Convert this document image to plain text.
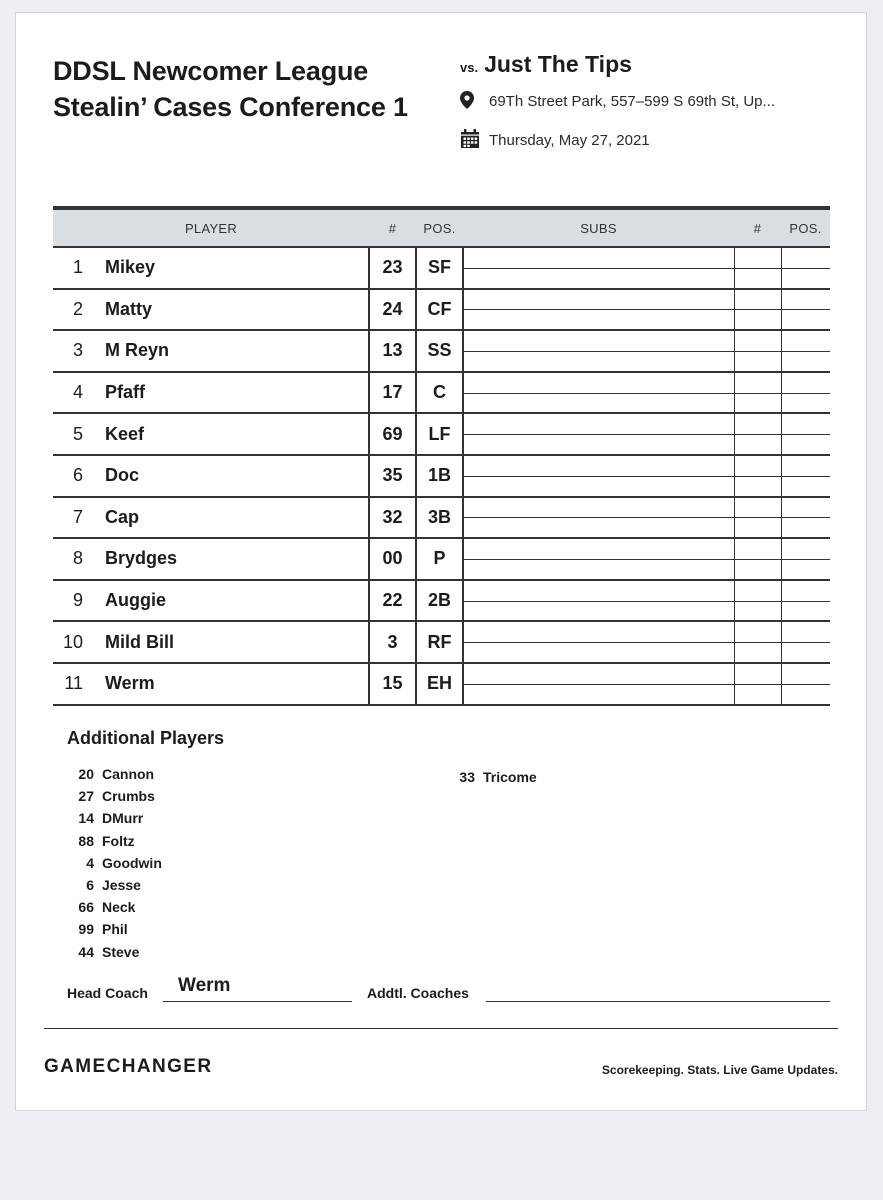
DDSL Newcomer League
Stealin’ Cases Conference 1
vs. Just The Tips
69Th Street Park, 557–599 S 69th St, Up...
Thursday, May 27, 2021
PLAYER		#	POS.	SUBS	#	POS.
1	Mikey	23	SF	

2	Matty	24	CF	

3	M Reyn	13	SS	

4	Pfaff	17	C	

5	Keef	69	LF	

6	Doc	35	1B	

7	Cap	32	3B	

8	Brydges	00	P	

9	Auggie	22	2B	

10	Mild Bill	3	RF	

11	Werm	15	EH	

Additional Players
20 Cannon
27 Crumbs
14 DMurr
88 Foltz
4 Goodwin
6 Jesse
66 Neck
99 Phil
44 Steve
33 Tricome
Head Coach Werm	Addtl. Coaches
GAMECHANGER	Scorekeeping. Stats. Live Game Updates.
